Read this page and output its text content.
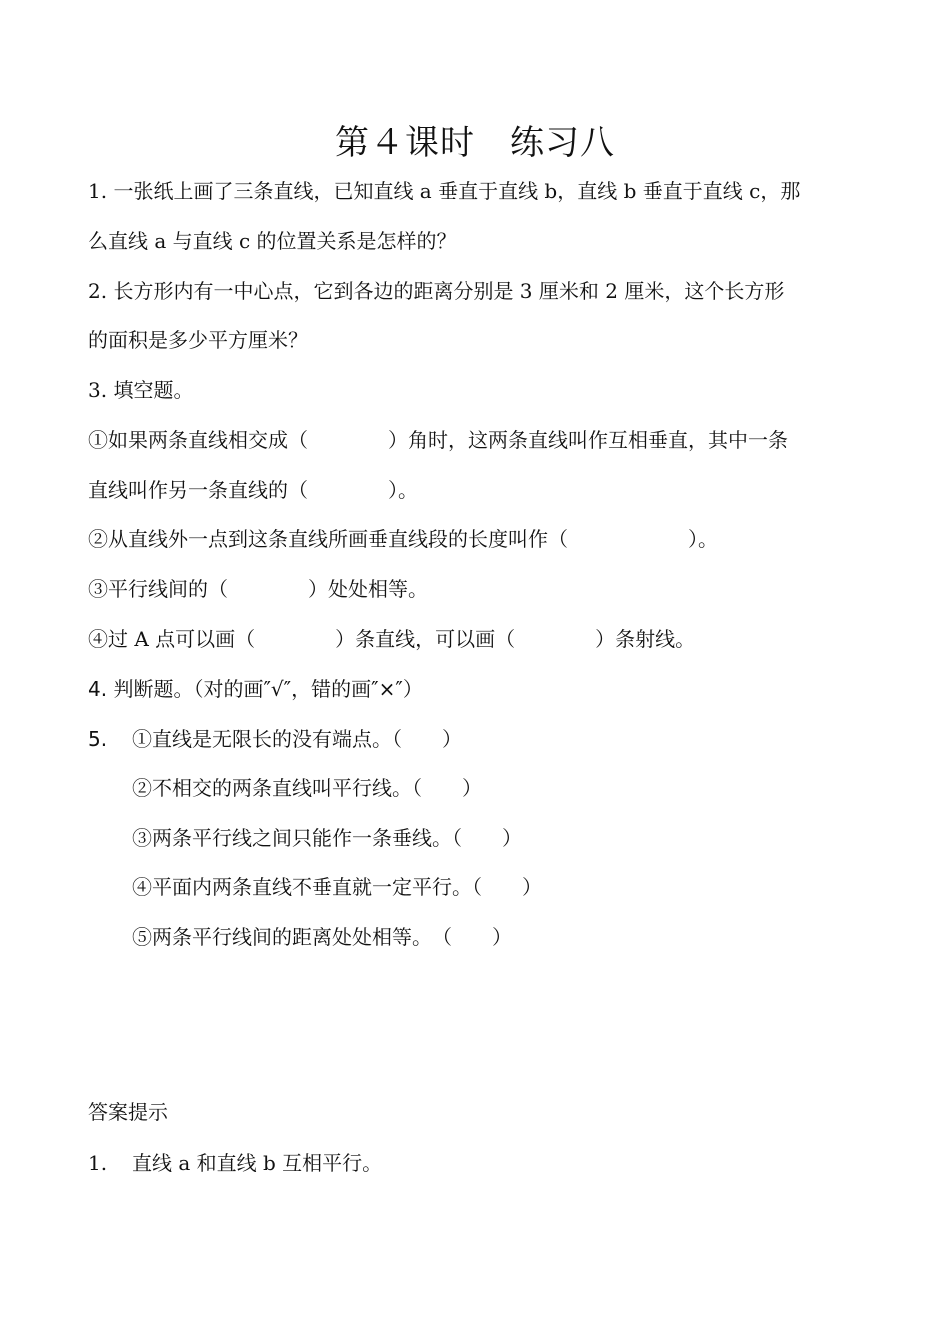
第４课时　练习八
1. 一张纸上画了三条直线，已知直线 a 垂直于直线 b，直线 b 垂直于直线 c，那
么直线 a 与直线 c 的位置关系是怎样的？
2. 长方形内有一中心点，它到各边的距离分别是 3 厘米和 2 厘米，这个长方形
的面积是多少平方厘米？
3. 填空题。
①如果两条直线相交成（　　　　）角时，这两条直线叫作互相垂直，其中一条
直线叫作另一条直线的（　　　　）。
②从直线外一点到这条直线所画垂直线段的长度叫作（　　　　　　）。
③平行线间的（　　　　）处处相等。
④过 A 点可以画（　　　　）条直线，可以画（　　　　）条射线。
4. 判断题。（对的画″√″，错的画″×″）
5. ①直线是无限长的没有端点。（　　）
②不相交的两条直线叫平行线。（　　）
③两条平行线之间只能作一条垂线。（　　）
④平面内两条直线不垂直就一定平行。（　　）
⑤两条平行线间的距离处处相等。　（　　）
答案提示
1. 直线 a 和直线 b 互相平行。
